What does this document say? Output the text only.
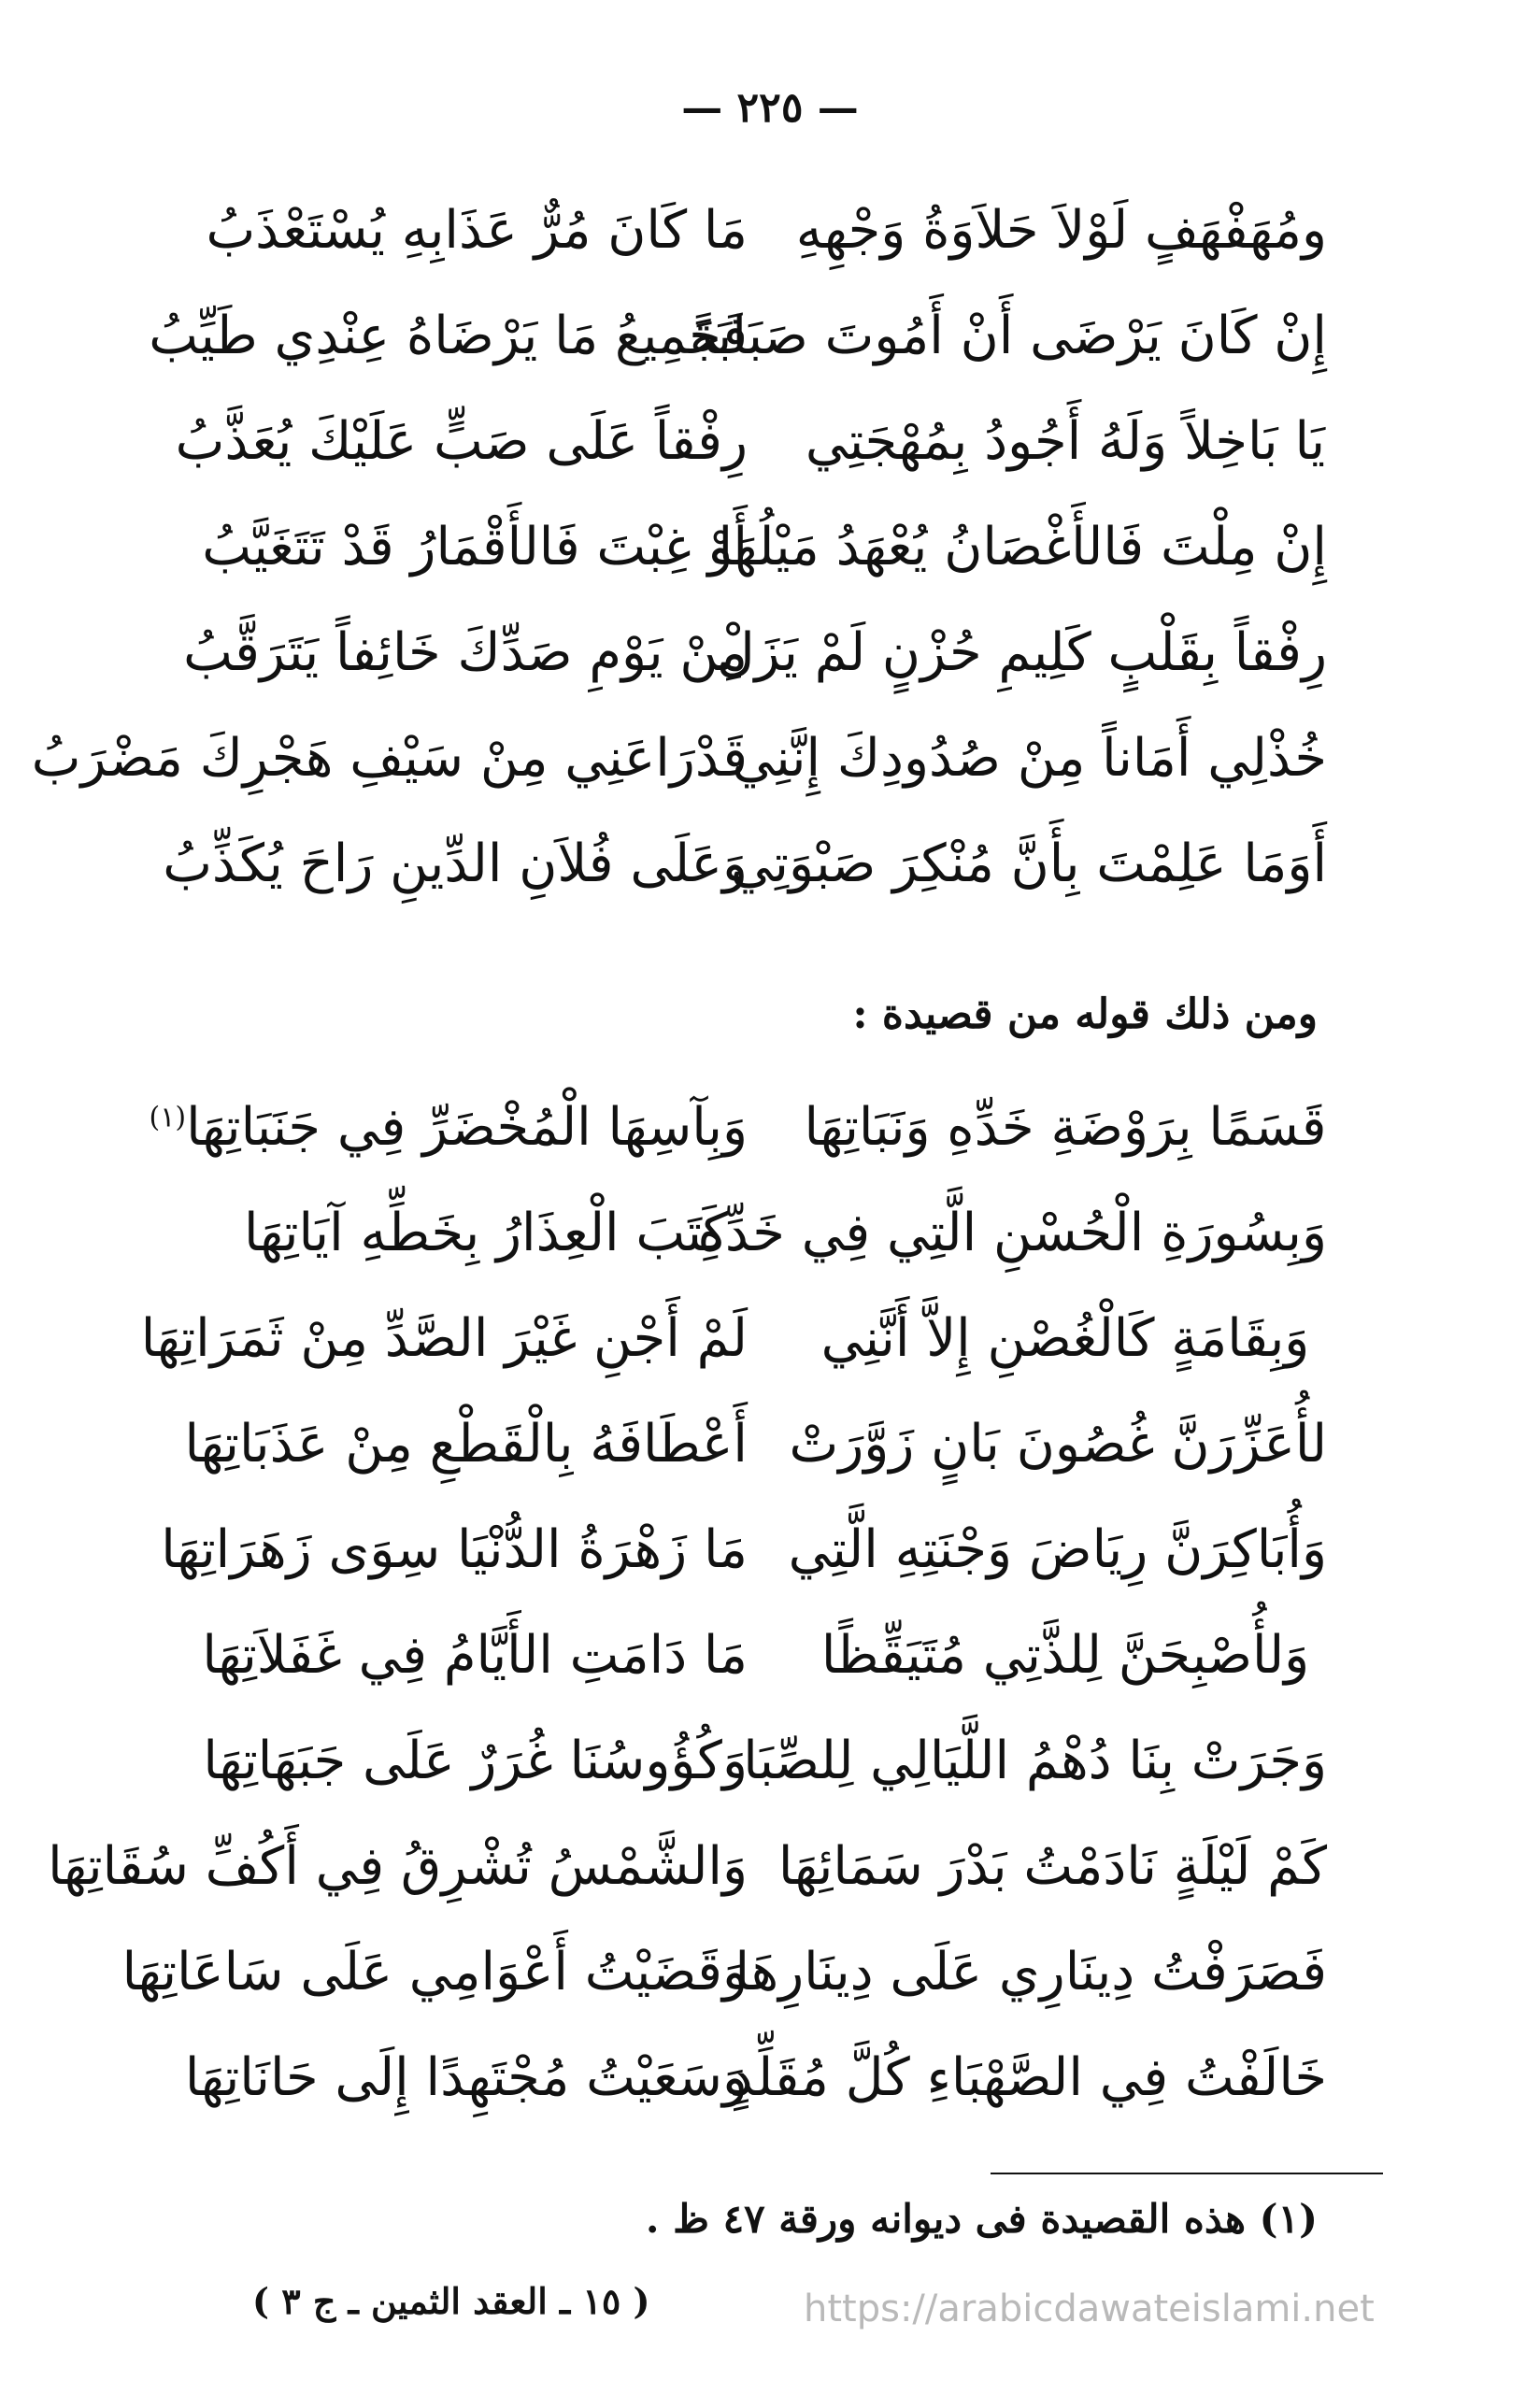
— ٢٢٥ —
ومُهَفْهَفٍ لَوْلاَ حَلاَوَةُ وَجْهِهِ
مَا كَانَ مُرٌّ عَذَابِهِ يُسْتَعْذَبُ
إِنْ كَانَ يَرْضَى أَنْ أَمُوتَ صَبَابَةً
فَجَمِيعُ مَا يَرْضَاهُ عِنْدِي طَيِّبُ
يَا بَاخِلاً وَلَهُ أَجُودُ بِمُهْجَتِي
رِفْقاً عَلَى صَبٍّ عَلَيْكَ يُعَذَّبُ
إِنْ مِلْتَ فَالأَغْصَانُ يُعْهَدُ مَيْلُهَا
أَوْ غِبْتَ فَالأَقْمَارُ قَدْ تَتَغَيَّبُ
رِفْقاً بِقَلْبٍ كَلِيمِ حُزْنٍ لَمْ يَزَلْ
مِنْ يَوْمِ صَدِّكَ خَائِفاً يَتَرَقَّبُ
خُذْلِي أَمَاناً مِنْ صُدُودِكَ إِنَّنِي
قَدْرَاعَنِي مِنْ سَيْفِ هَجْرِكَ مَضْرَبُ
أَوَمَا عَلِمْتَ بِأَنَّ مُنْكِرَ صَبْوَتِي
وَعَلَى فُلاَنِ الدِّينِ رَاحَ يُكَذِّبُ
ومن ذلك قوله من قصيدة :
قَسَمًا بِرَوْضَةِ خَدِّهِ وَنَبَاتِهَا
وَبِآسِهَا الْمُخْضَرِّ فِي جَنَبَاتِهَا$^{(١)}$
وَبِسُورَةِ الْحُسْنِ الَّتِي فِي خَدِّهِ
كَتَبَ الْعِذَارُ بِخَطِّهِ آيَاتِهَا
وَبِقَامَةٍ كَالْغُصْنِ إِلاَّ أَنَّنِي
لَمْ أَجْنِ غَيْرَ الصَّدِّ مِنْ ثَمَرَاتِهَا
لأُعَزِّرَنَّ غُصُونَ بَانٍ زَوَّرَتْ
أَعْطَافَهُ بِالْقَطْعِ مِنْ عَذَبَاتِهَا
وَأُبَاكِرَنَّ رِيَاضَ وَجْنَتِهِ الَّتِي
مَا زَهْرَةُ الدُّنْيَا سِوَى زَهَرَاتِهَا
وَلأُصْبِحَنَّ لِلذَّتِي مُتَيَقِّظًا
مَا دَامَتِ الأَيَّامُ فِي غَفَلاَتِهَا
وَجَرَتْ بِنَا دُهْمُ اللَّيَالِي لِلصِّبَا
وَكُؤُوسُنَا غُرَرٌ عَلَى جَبَهَاتِهَا
كَمْ لَيْلَةٍ نَادَمْتُ بَدْرَ سَمَائِهَا
وَالشَّمْسُ تُشْرِقُ فِي أَكُفِّ سُقَاتِهَا
فَصَرَفْتُ دِينَارِي عَلَى دِينَارِهَا
وَقَضَيْتُ أَعْوَامِي عَلَى سَاعَاتِهَا
خَالَفْتُ فِي الصَّهْبَاءِ كُلَّ مُقَلِّدٍ
وَسَعَيْتُ مُجْتَهِدًا إِلَى حَانَاتِهَا
(١) هذه القصيدة فى ديوانه ورقة ٤٧ ظ .
( ١٥ ـ العقد الثمين ـ ج ٣ )	https://arabicdawateislami.net
